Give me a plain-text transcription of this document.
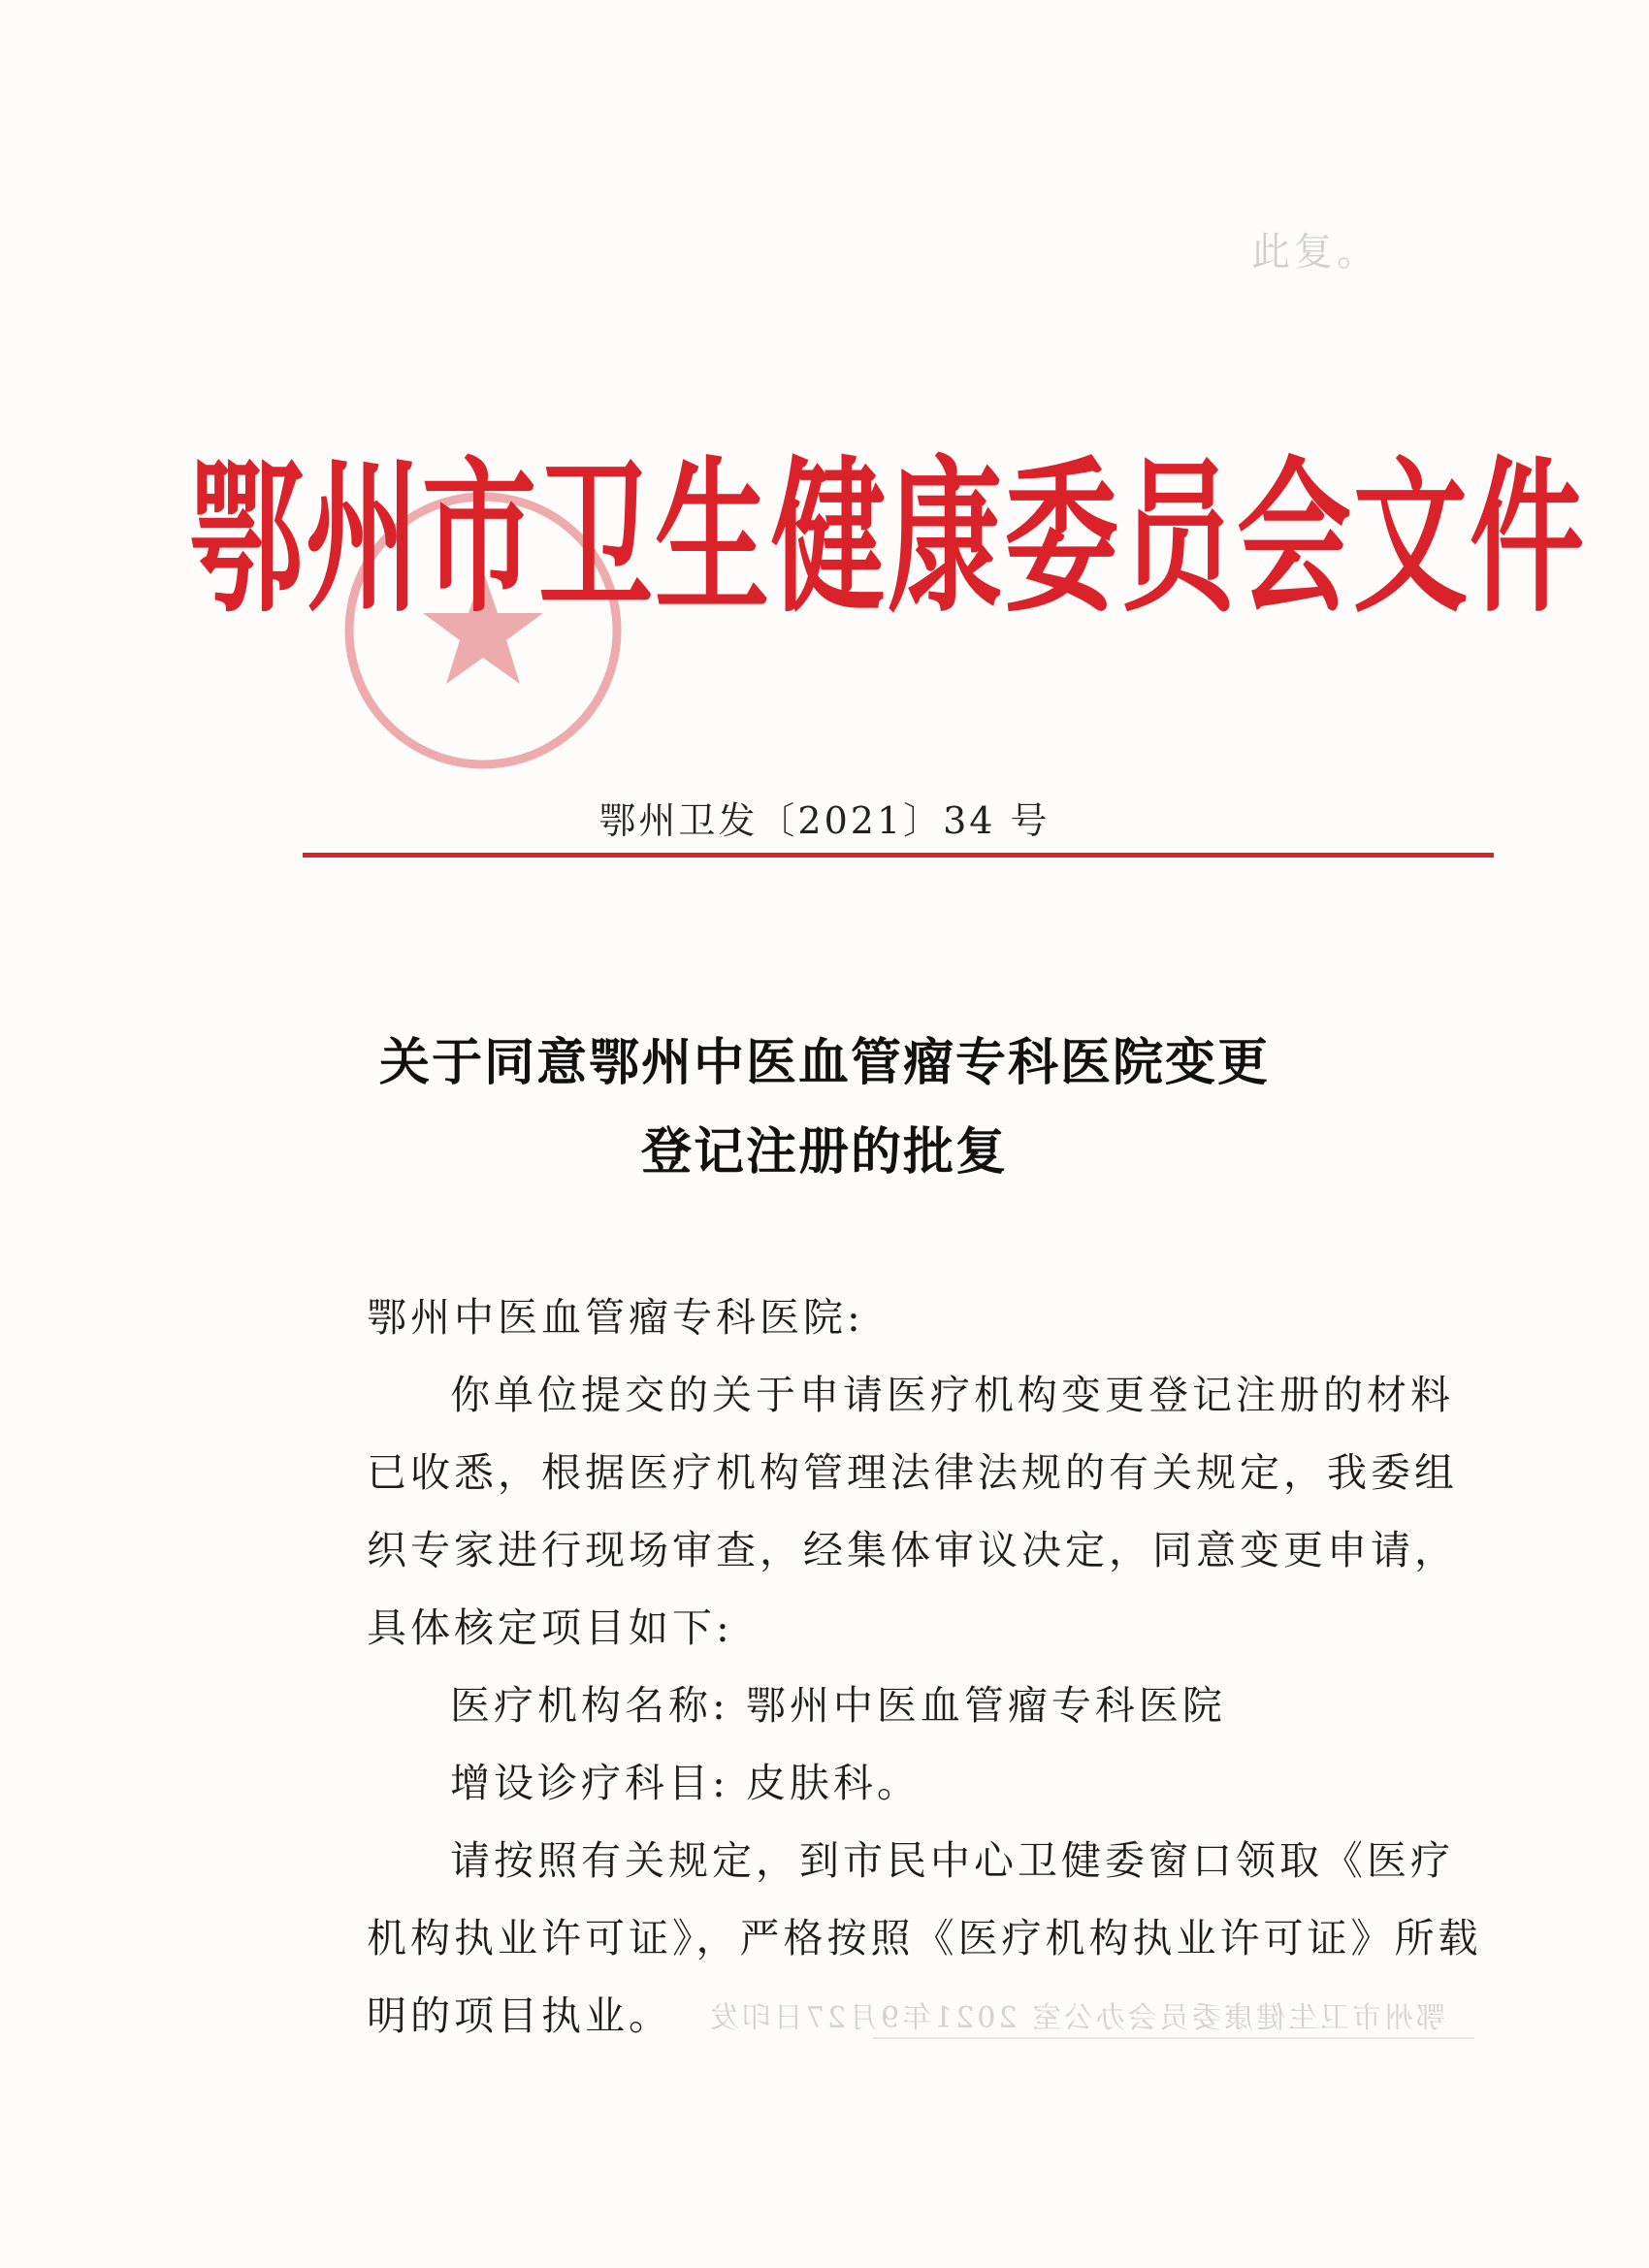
此复。
鄂州市卫生健康委员会文件
鄂州卫发〔2021〕34 号
关于同意鄂州中医血管瘤专科医院变更
登记注册的批复

鄂州中医血管瘤专科医院:

你单位提交的关于申请医疗机构变更登记注册的材料已收悉，根据医疗机构管理法律法规的有关规定，我委组织专家进行现场审查，经集体审议决定，同意变更申请，具体核定项目如下:

医疗机构名称: 鄂州中医血管瘤专科医院

增设诊疗科目: 皮肤科。

请按照有关规定，到市民中心卫健委窗口领取《医疗机构执业许可证》，严格按照《医疗机构执业许可证》所载明的项目执业。	鄂州市卫生健康委员会办公室 2021年9月27日印发
